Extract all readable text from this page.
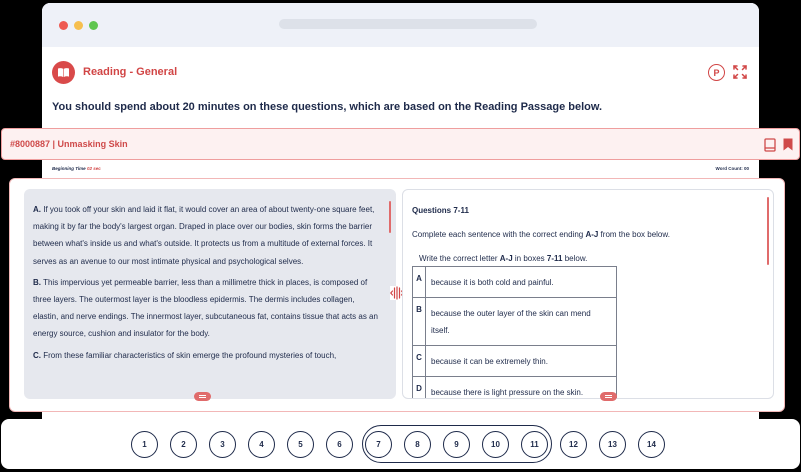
Reading - General	P
You should spend about 20 minutes on these questions, which are based on the Reading Passage below.
#8000887 | Unmasking Skin
Beginning Time 02 sec	Word Count: 00

A. If you took off your skin and laid it flat, it would cover an area of about twenty-one square feet, making it by far the body's largest organ. Draped in place over our bodies, skin forms the barrier between what's inside us and what's outside. It protects us from a multitude of external forces. It serves as an avenue to our most intimate physical and psychological selves.

B. This impervious yet permeable barrier, less than a millimetre thick in places, is composed of three layers. The outermost layer is the bloodless epidermis. The dermis includes collagen, elastin, and nerve endings. The innermost layer, subcutaneous fat, contains tissue that acts as an energy source, cushion and insulator for the body.

C. From these familiar characteristics of skin emerge the profound mysteries of touch,

Questions 7-11
Complete each sentence with the correct ending A-J from the box below.
Write the correct letter A-J in boxes 7-11 below.
A	because it is both cold and painful.
B	because the outer layer of the skin can mend itself.
C	because it can be extremely thin.
D	because there is light pressure on the skin.
1	2	3	4	5	6	7	8	9	10	11	12	13	14
